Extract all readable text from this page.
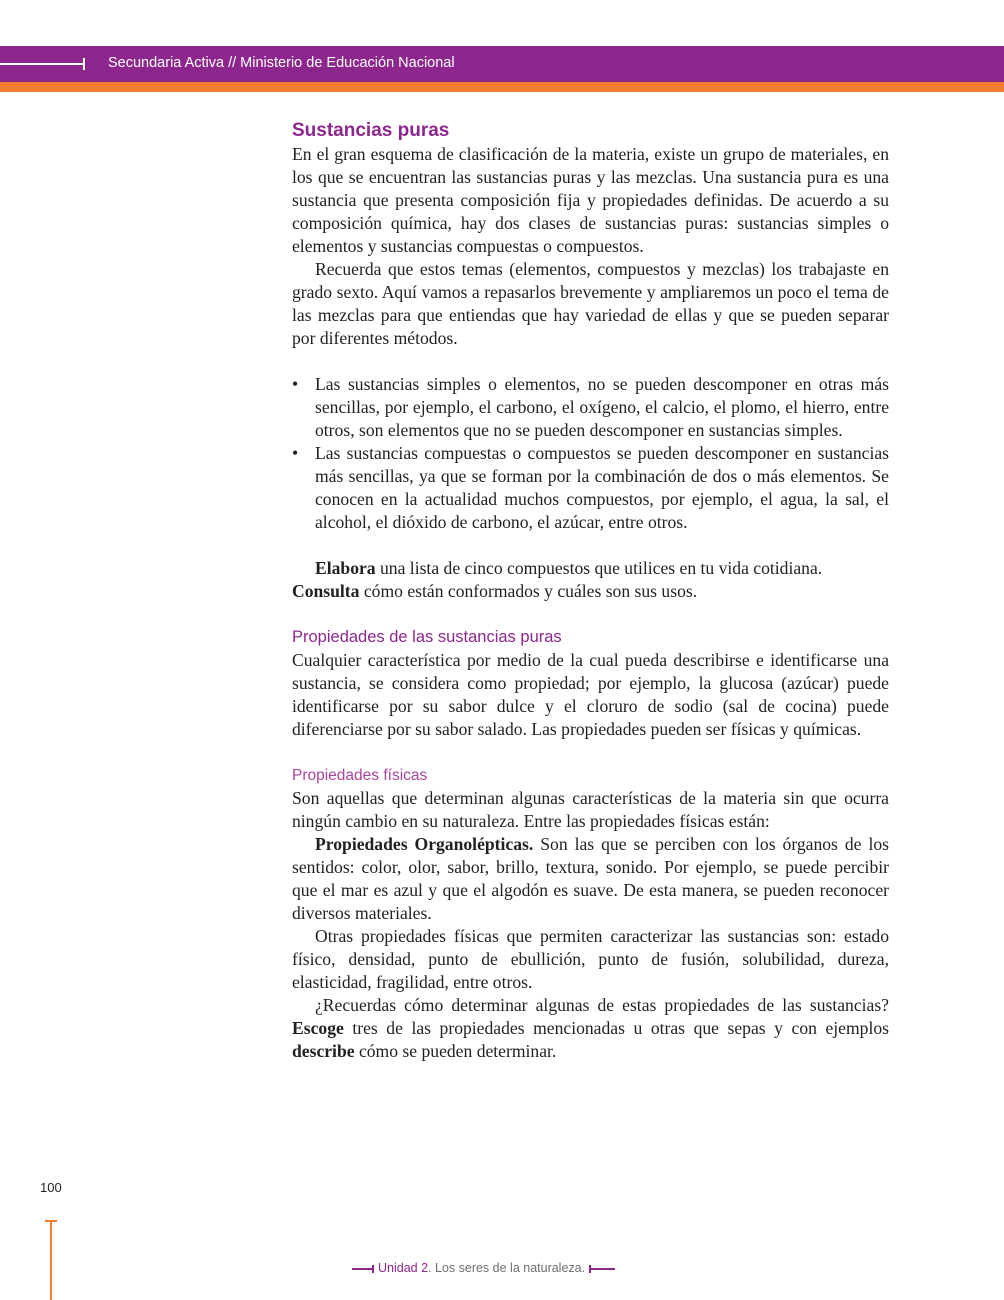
Secundaria Activa // Ministerio de Educación Nacional
Sustancias puras

En el gran esquema de clasificación de la materia, existe un grupo de materiales, en los que se encuentran las sustancias puras y las mezclas. Una sustancia pura es una sustancia que presenta composición fija y propiedades definidas. De acuerdo a su composición química, hay dos clases de sustancias puras: sustancias simples o elementos y sustancias compuestas o compuestos.

Recuerda que estos temas (elementos, compuestos y mezclas) los trabajaste en grado sexto. Aquí vamos a repasarlos brevemente y ampliaremos un poco el tema de las mezclas para que entiendas que hay variedad de ellas y que se pueden separar por diferentes métodos.

• Las sustancias simples o elementos, no se pueden descomponer en otras más sencillas, por ejemplo, el carbono, el oxígeno, el calcio, el plomo, el hierro, entre otros, son elementos que no se pueden descomponer en sustancias simples.
• Las sustancias compuestas o compuestos se pueden descomponer en sustancias más sencillas, ya que se forman por la combinación de dos o más elementos. Se conocen en la actualidad muchos compuestos, por ejemplo, el agua, la sal, el alcohol, el dióxido de carbono, el azúcar, entre otros.

Elabora una lista de cinco compuestos que utilices en tu vida cotidiana.

Consulta cómo están conformados y cuáles son sus usos.

Propiedades de las sustancias puras

Cualquier característica por medio de la cual pueda describirse e identificarse una sustancia, se considera como propiedad; por ejemplo, la glucosa (azúcar) puede identificarse por su sabor dulce y el cloruro de sodio (sal de cocina) puede diferenciarse por su sabor salado. Las propiedades pueden ser físicas y químicas.

Propiedades físicas

Son aquellas que determinan algunas características de la materia sin que ocurra ningún cambio en su naturaleza. Entre las propiedades físicas están:

Propiedades Organolépticas. Son las que se perciben con los órganos de los sentidos: color, olor, sabor, brillo, textura, sonido. Por ejemplo, se puede percibir que el mar es azul y que el algodón es suave. De esta manera, se pueden reconocer diversos materiales.

Otras propiedades físicas que permiten caracterizar las sustancias son: estado físico, densidad, punto de ebullición, punto de fusión, solubilidad, dureza, elasticidad, fragilidad, entre otros.

¿Recuerdas cómo determinar algunas de estas propiedades de las sustancias? Escoge tres de las propiedades mencionadas u otras que sepas y con ejemplos describe cómo se pueden determinar.

100
Unidad 2. Los seres de la naturaleza.
